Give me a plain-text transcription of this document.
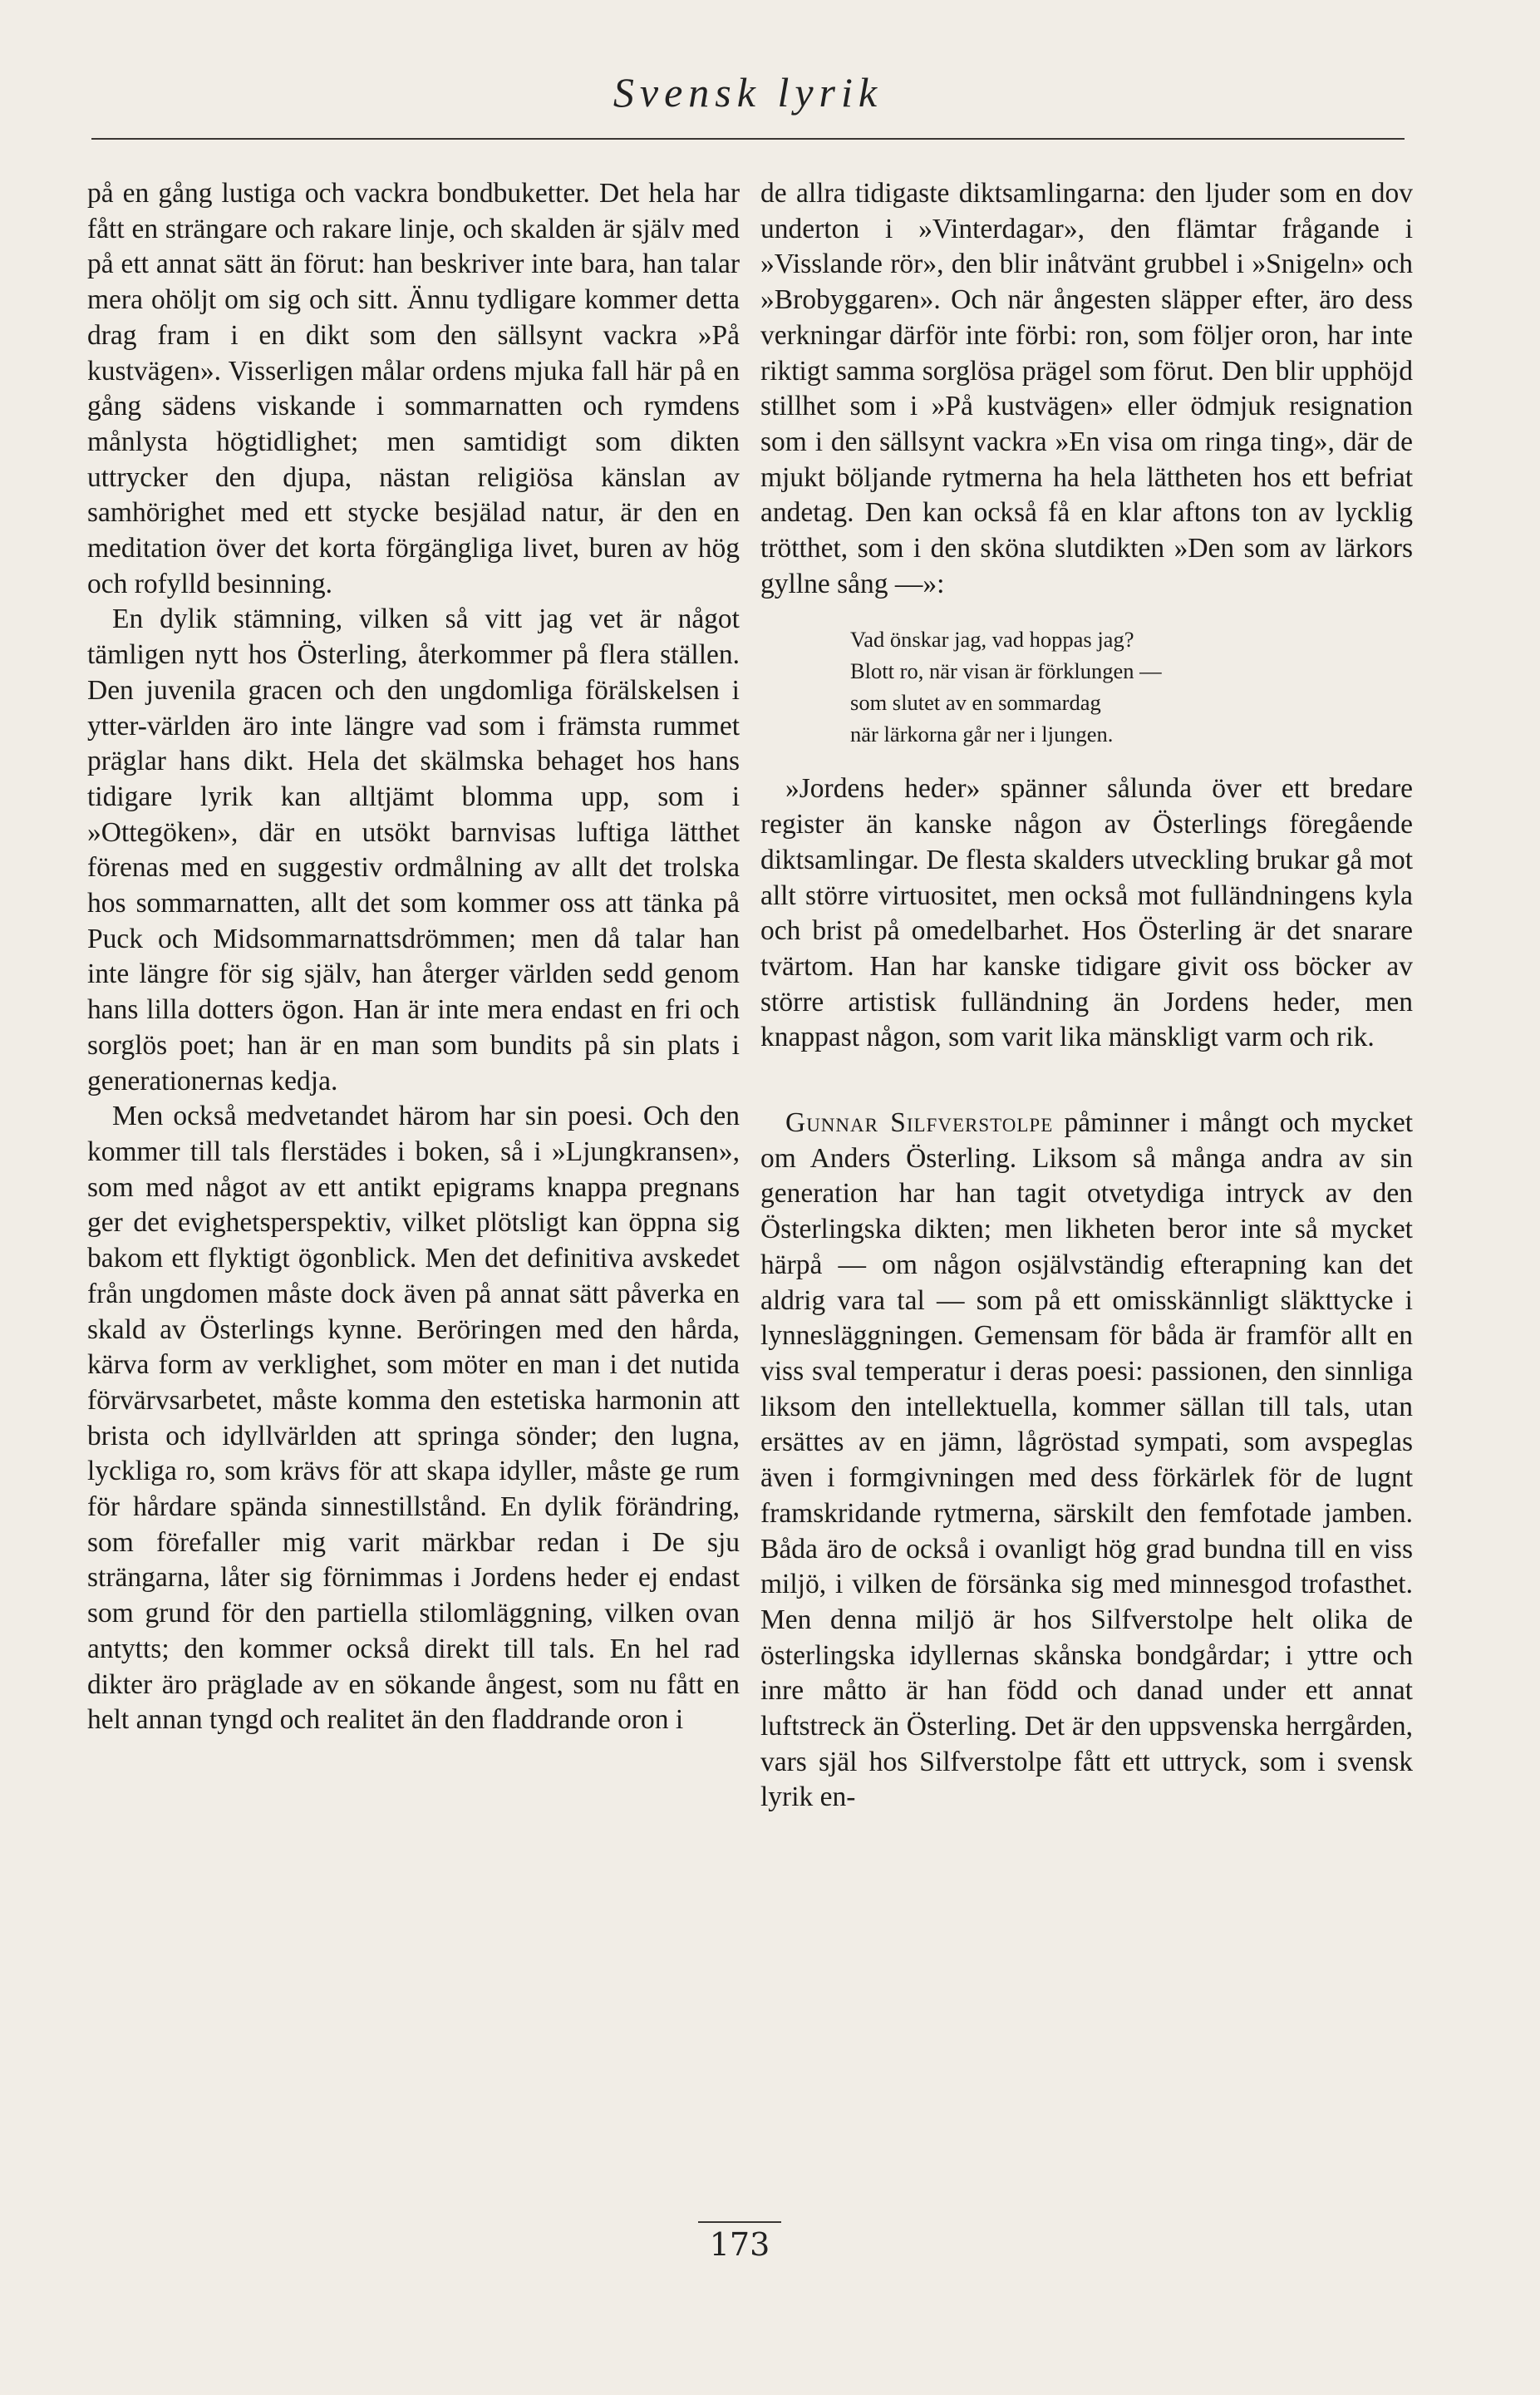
Svensk lyrik

på en gång lustiga och vackra bondbuketter. Det hela har fått en strängare och rakare linje, och skalden är själv med på ett annat sätt än förut: han beskriver inte bara, han talar mera ohöljt om sig och sitt. Ännu tydligare kommer detta drag fram i en dikt som den sällsynt vackra »På kustvägen». Visserligen målar ordens mjuka fall här på en gång sädens viskande i sommarnatten och rymdens månlysta högtidlighet; men samtidigt som dikten uttrycker den djupa, nästan religiösa känslan av samhörighet med ett stycke besjälad natur, är den en meditation över det korta förgängliga livet, buren av hög och rofylld besinning.

En dylik stämning, vilken så vitt jag vet är något tämligen nytt hos Österling, återkommer på flera ställen. Den juvenila gracen och den ungdomliga förälskelsen i ytter-världen äro inte längre vad som i främsta rummet präglar hans dikt. Hela det skälmska behaget hos hans tidigare lyrik kan alltjämt blomma upp, som i »Ottegöken», där en utsökt barnvisas luftiga lätthet förenas med en suggestiv ordmålning av allt det trolska hos sommarnatten, allt det som kommer oss att tänka på Puck och Midsommarnattsdrömmen; men då talar han inte längre för sig själv, han återger världen sedd genom hans lilla dotters ögon. Han är inte mera endast en fri och sorglös poet; han är en man som bundits på sin plats i generationernas kedja.

Men också medvetandet härom har sin poesi. Och den kommer till tals flerstädes i boken, så i »Ljungkransen», som med något av ett antikt epigrams knappa pregnans ger det evighetsperspektiv, vilket plötsligt kan öppna sig bakom ett flyktigt ögonblick. Men det definitiva avskedet från ungdomen måste dock även på annat sätt påverka en skald av Österlings kynne. Beröringen med den hårda, kärva form av verklighet, som möter en man i det nutida förvärvsarbetet, måste komma den estetiska harmonin att brista och idyllvärlden att springa sönder; den lugna, lyckliga ro, som krävs för att skapa idyller, måste ge rum för hårdare spända sinnestillstånd. En dylik förändring, som förefaller mig varit märkbar redan i De sju strängarna, låter sig förnimmas i Jordens heder ej endast som grund för den partiella stilomläggning, vilken ovan antytts; den kommer också direkt till tals. En hel rad dikter äro präglade av en sökande ångest, som nu fått en helt annan tyngd och realitet än den fladdrande oron i

de allra tidigaste diktsamlingarna: den ljuder som en dov underton i »Vinterdagar», den flämtar frågande i »Visslande rör», den blir inåtvänt grubbel i »Snigeln» och »Brobyggaren». Och när ångesten släpper efter, äro dess verkningar därför inte förbi: ron, som följer oron, har inte riktigt samma sorglösa prägel som förut. Den blir upphöjd stillhet som i »På kustvägen» eller ödmjuk resignation som i den sällsynt vackra »En visa om ringa ting», där de mjukt böljande rytmerna ha hela lättheten hos ett befriat andetag. Den kan också få en klar aftons ton av lycklig trötthet, som i den sköna slutdikten »Den som av lärkors gyllne sång —»:

Vad önskar jag, vad hoppas jag?
Blott ro, när visan är förklungen —
som slutet av en sommardag
när lärkorna går ner i ljungen.

»Jordens heder» spänner sålunda över ett bredare register än kanske någon av Österlings föregående diktsamlingar. De flesta skalders utveckling brukar gå mot allt större virtuositet, men också mot fulländningens kyla och brist på omedelbarhet. Hos Österling är det snarare tvärtom. Han har kanske tidigare givit oss böcker av större artistisk fulländning än Jordens heder, men knappast någon, som varit lika mänskligt varm och rik.

Gunnar Silfverstolpe påminner i mångt och mycket om Anders Österling. Liksom så många andra av sin generation har han tagit otvetydiga intryck av den Österlingska dikten; men likheten beror inte så mycket härpå — om någon osjälvständig efterapning kan det aldrig vara tal — som på ett omisskännligt släkttycke i lynnesläggningen. Gemensam för båda är framför allt en viss sval temperatur i deras poesi: passionen, den sinnliga liksom den intellektuella, kommer sällan till tals, utan ersättes av en jämn, lågröstad sympati, som avspeglas även i formgivningen med dess förkärlek för de lugnt framskridande rytmerna, särskilt den femfotade jamben. Båda äro de också i ovanligt hög grad bundna till en viss miljö, i vilken de försänka sig med minnesgod trofasthet. Men denna miljö är hos Silfverstolpe helt olika de österlingska idyllernas skånska bondgårdar; i yttre och inre måtto är han född och danad under ett annat luftstreck än Österling. Det är den uppsvenska herrgården, vars själ hos Silfverstolpe fått ett uttryck, som i svensk lyrik en-

173
